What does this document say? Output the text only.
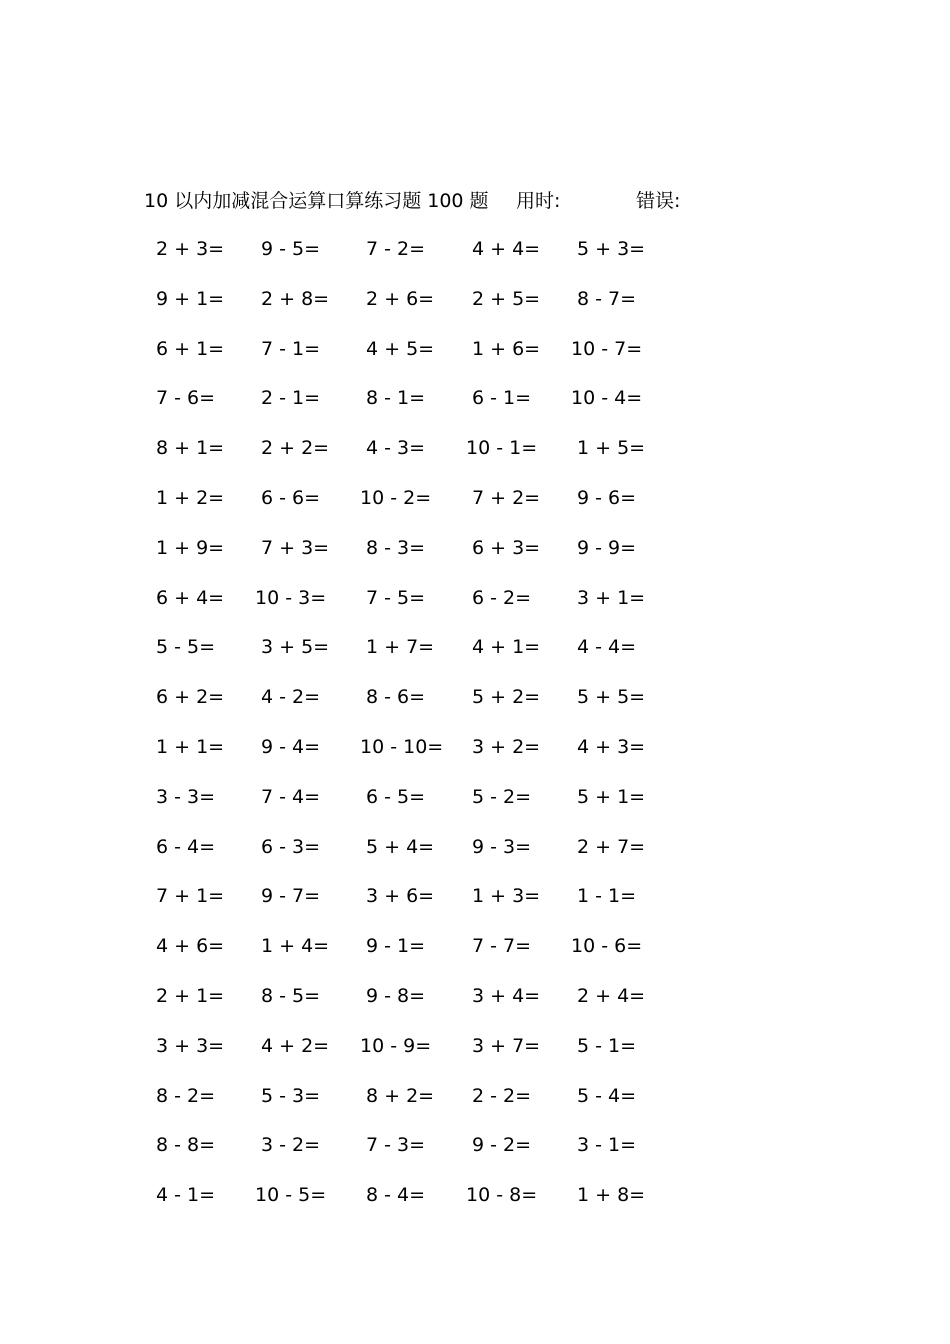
10 以内加减混合运算口算练习题 100 题 用时:	错误:
2 + 3= 9 - 5= 7 - 2= 4 + 4= 5 + 3=
9 + 1= 2 + 8= 2 + 6= 2 + 5= 8 - 7=
6 + 1= 7 - 1= 4 + 5= 1 + 6= 10 - 7=
7 - 6= 2 - 1= 8 - 1= 6 - 1= 10 - 4=
8 + 1= 2 + 2= 4 - 3= 10 - 1= 1 + 5=
1 + 2= 6 - 6= 10 - 2= 7 + 2= 9 - 6=
1 + 9= 7 + 3= 8 - 3= 6 + 3= 9 - 9=
6 + 4= 10 - 3= 7 - 5= 6 - 2= 3 + 1=
5 - 5= 3 + 5= 1 + 7= 4 + 1= 4 - 4=
6 + 2= 4 - 2= 8 - 6= 5 + 2= 5 + 5=
1 + 1= 9 - 4= 10 - 10= 3 + 2= 4 + 3=
3 - 3= 7 - 4= 6 - 5= 5 - 2= 5 + 1=
6 - 4= 6 - 3= 5 + 4= 9 - 3= 2 + 7=
7 + 1= 9 - 7= 3 + 6= 1 + 3= 1 - 1=
4 + 6= 1 + 4= 9 - 1= 7 - 7= 10 - 6=
2 + 1= 8 - 5= 9 - 8= 3 + 4= 2 + 4=
3 + 3= 4 + 2= 10 - 9= 3 + 7= 5 - 1=
8 - 2= 5 - 3= 8 + 2= 2 - 2= 5 - 4=
8 - 8= 3 - 2= 7 - 3= 9 - 2= 3 - 1=
4 - 1= 10 - 5= 8 - 4= 10 - 8= 1 + 8=
